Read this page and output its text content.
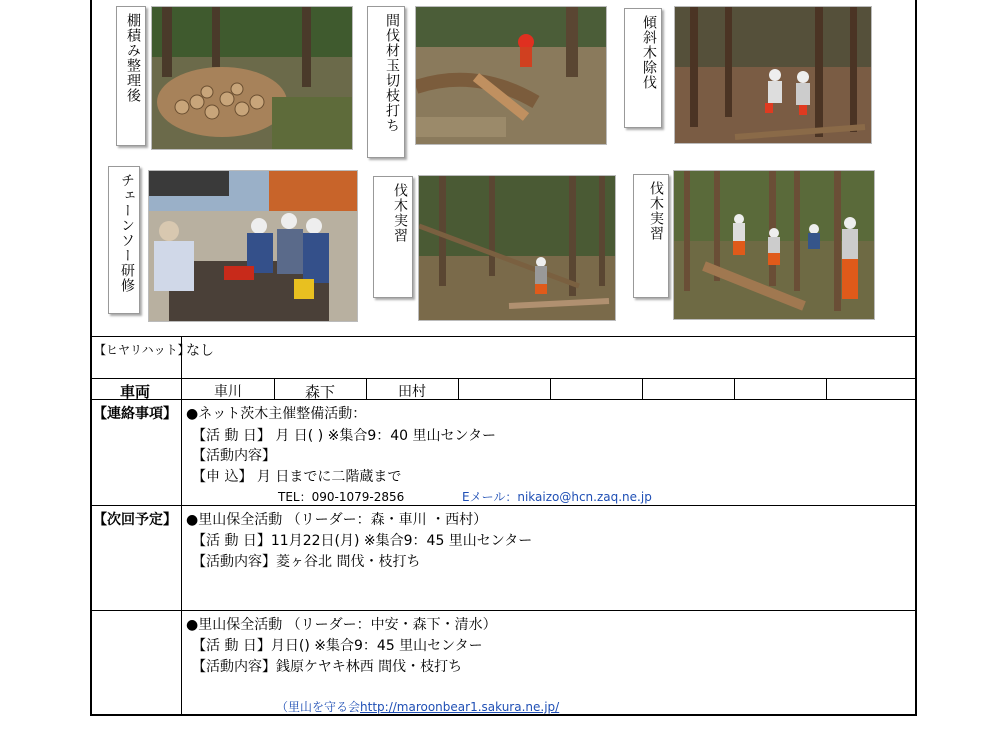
棚積み整理後	間伐材玉切枝打ち	傾斜木除伐
チェーンソー研修	伐木実習	伐木実習
【ヒヤリハット】
なし
車両	車川	森下	田村
【連絡事項】 ●ネット茨木主催整備活動：
【活 動 日】 月 日( ) ※集合9：40 里山センター
【活動内容】
【申 込】 月 日までに二階蔵まで
TEL：090-1079-2856	Eメール：nikaizo@hcn.zaq.ne.jp
【次回予定】 ●里山保全活動 （リーダー：森・車川 ・西村）
【活 動 日】11月22日(月) ※集合9：45 里山センター
【活動内容】菱ヶ谷北 間伐・枝打ち
●里山保全活動 （リーダー：中安・森下・清水）
【活 動 日】月日() ※集合9：45 里山センター
【活動内容】銭原ケヤキ林西 間伐・枝打ち
（里山を守る会http://maroonbear1.sakura.ne.jp/
